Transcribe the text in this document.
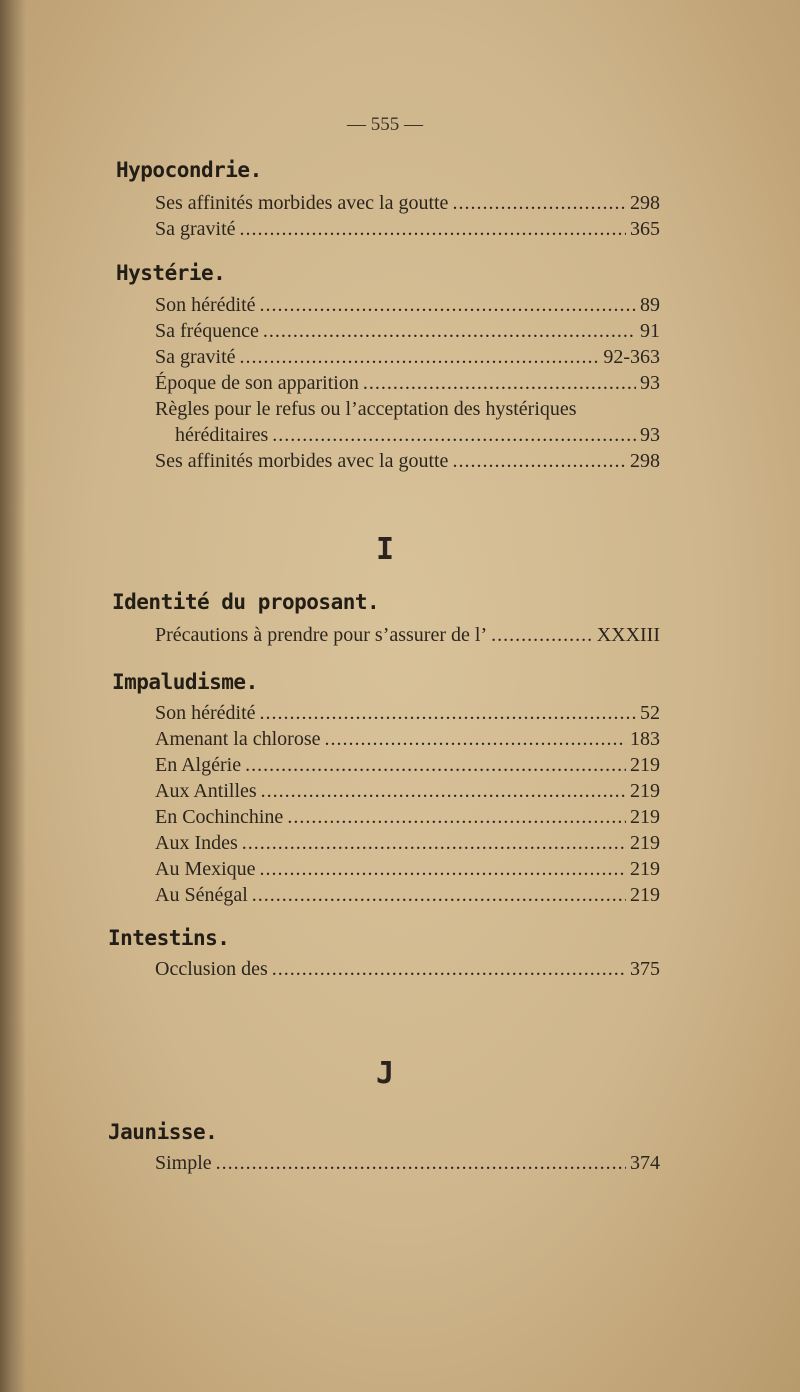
— 555 —
Hypocondrie.
Ses affinités morbides avec la goutte . . .	298
Sa gravité . . .	365
Hystérie.
Son hérédité . . .	89
Sa fréquence . . .	91
Sa gravité . . .	92-363
Époque de son apparition . . .	93
Règles pour le refus ou l’acceptation des hystériques
héréditaires . . .	93
Ses affinités morbides avec la goutte . . .	298
I
Identité du proposant.
Précautions à prendre pour s’assurer de l’ . . .	XXXIII
Impaludisme.
Son hérédité . . .	52
Amenant la chlorose . . .	183
En Algérie . . .	219
Aux Antilles . . .	219
En Cochinchine . . .	219
Aux Indes . . .	219
Au Mexique . . .	219
Au Sénégal . . .	219
Intestins.
Occlusion des . . .	375
J
Jaunisse.
Simple . . .	374
